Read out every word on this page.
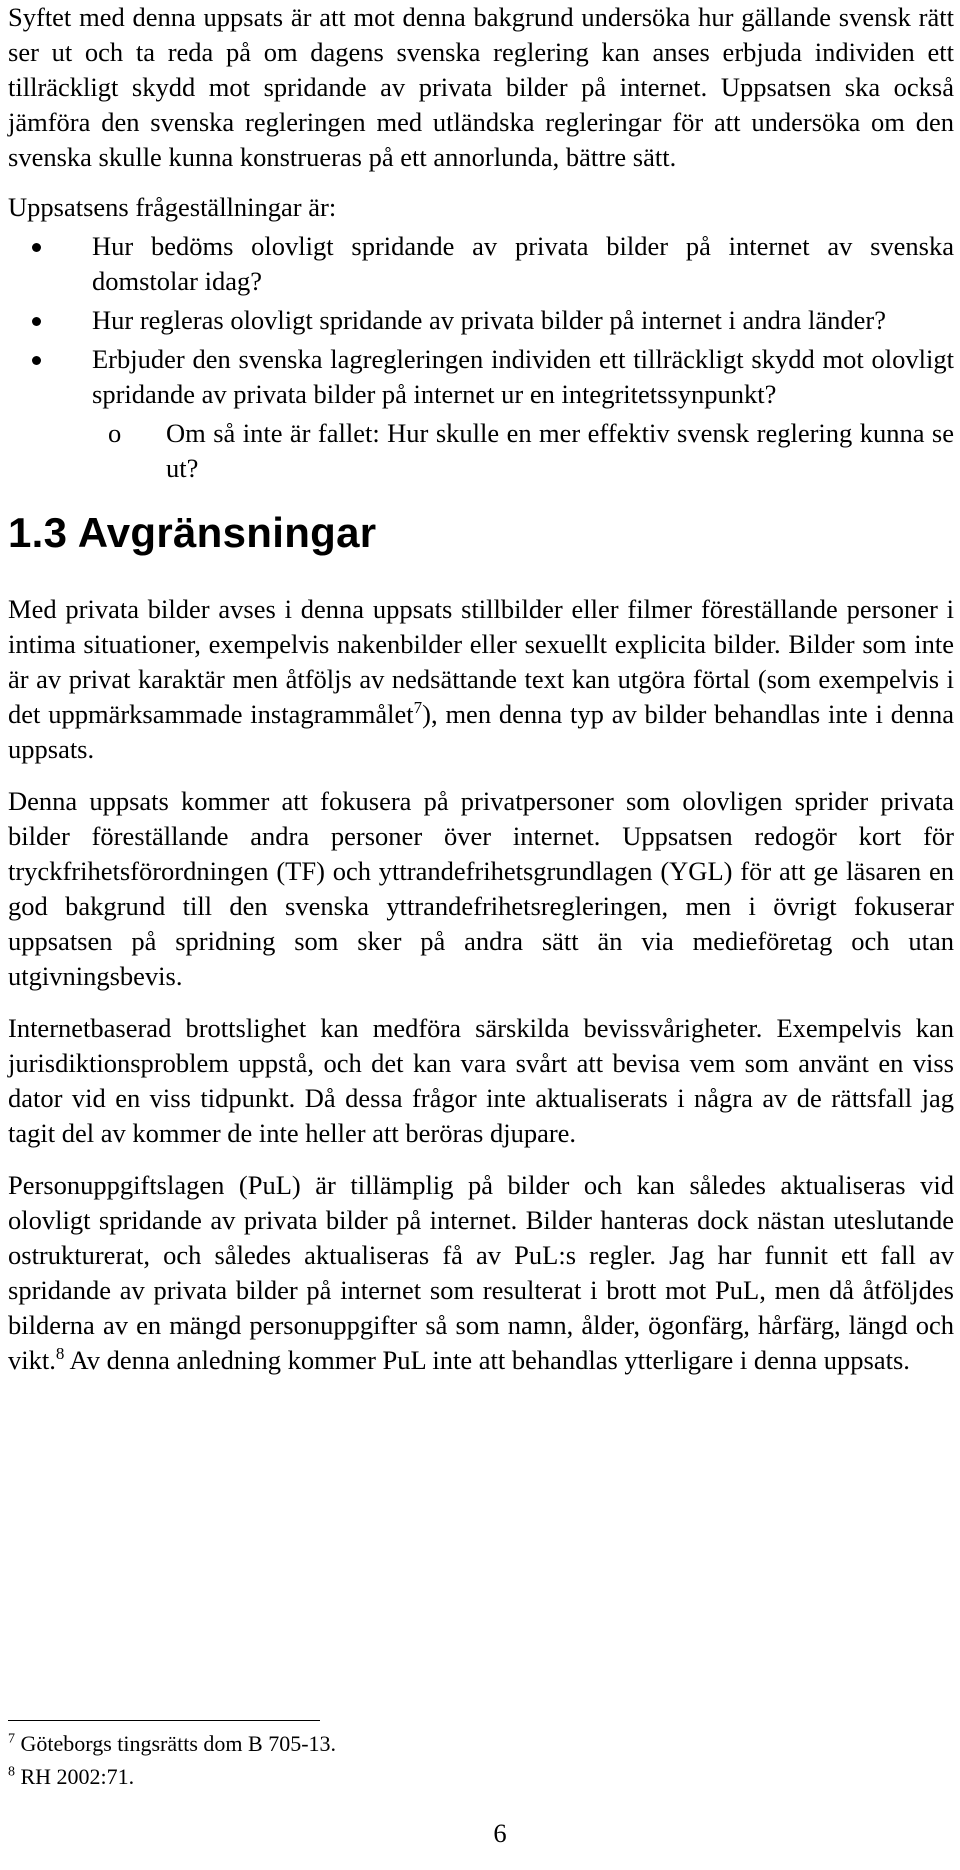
Syftet med denna uppsats är att mot denna bakgrund undersöka hur gällande svensk rätt ser ut och ta reda på om dagens svenska reglering kan anses erbjuda individen ett tillräckligt skydd mot spridande av privata bilder på internet. Uppsatsen ska också jämföra den svenska regleringen med utländska regleringar för att undersöka om den svenska skulle kunna konstrueras på ett annorlunda, bättre sätt.

Uppsatsens frågeställningar är:

Hur bedöms olovligt spridande av privata bilder på internet av svenska domstolar idag?
Hur regleras olovligt spridande av privata bilder på internet i andra länder?
Erbjuder den svenska lagregleringen individen ett tillräckligt skydd mot olovligt spridande av privata bilder på internet ur en integritetssynpunkt?
o Om så inte är fallet: Hur skulle en mer effektiv svensk reglering kunna se ut?
1.3 Avgränsningar

Med privata bilder avses i denna uppsats stillbilder eller filmer föreställande personer i intima situationer, exempelvis nakenbilder eller sexuellt explicita bilder. Bilder som inte är av privat karaktär men åtföljs av nedsättande text kan utgöra förtal (som exempelvis i det uppmärksammade instagrammålet$^7$), men denna typ av bilder behandlas inte i denna uppsats.

Denna uppsats kommer att fokusera på privatpersoner som olovligen sprider privata bilder föreställande andra personer över internet. Uppsatsen redogör kort för tryckfrihetsförordningen (TF) och yttrandefrihetsgrundlagen (YGL) för att ge läsaren en god bakgrund till den svenska yttrandefrihetsregleringen, men i övrigt fokuserar uppsatsen på spridning som sker på andra sätt än via medieföretag och utan utgivningsbevis.

Internetbaserad brottslighet kan medföra särskilda bevissvårigheter. Exempelvis kan jurisdiktionsproblem uppstå, och det kan vara svårt att bevisa vem som använt en viss dator vid en viss tidpunkt. Då dessa frågor inte aktualiserats i några av de rättsfall jag tagit del av kommer de inte heller att beröras djupare.

Personuppgiftslagen (PuL) är tillämplig på bilder och kan således aktualiseras vid olovligt spridande av privata bilder på internet. Bilder hanteras dock nästan uteslutande ostrukturerat, och således aktualiseras få av PuL:s regler. Jag har funnit ett fall av spridande av privata bilder på internet som resulterat i brott mot PuL, men då åtföljdes bilderna av en mängd personuppgifter så som namn, ålder, ögonfärg, hårfärg, längd och vikt.$^8$ Av denna anledning kommer PuL inte att behandlas ytterligare i denna uppsats.

$^7$ Göteborgs tingsrätts dom B 705-13.
$^8$ RH 2002:71.
6
